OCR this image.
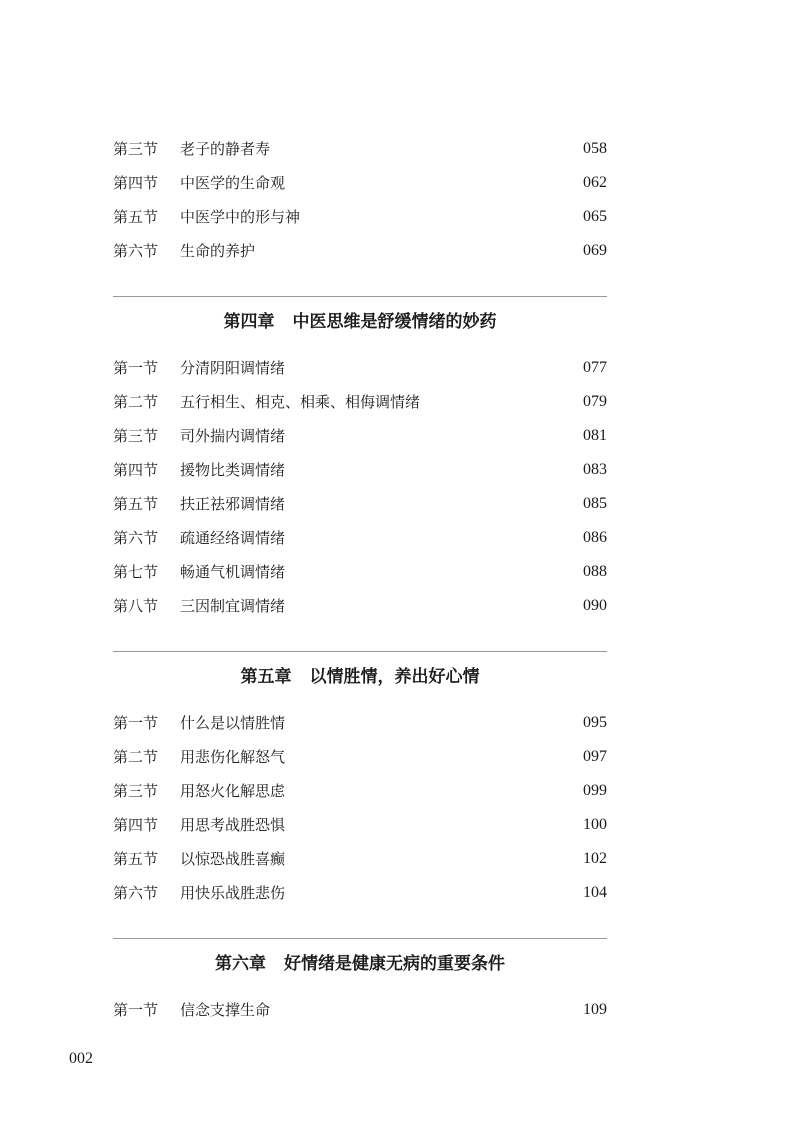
第三节	老子的静者寿	058
第四节	中医学的生命观	062
第五节	中医学中的形与神	065
第六节	生命的养护	069
第四章 中医思维是舒缓情绪的妙药
第一节	分清阴阳调情绪	077
第二节	五行相生、相克、相乘、相侮调情绪	079
第三节	司外揣内调情绪	081
第四节	援物比类调情绪	083
第五节	扶正祛邪调情绪	085
第六节	疏通经络调情绪	086
第七节	畅通气机调情绪	088
第八节	三因制宜调情绪	090
第五章 以情胜情，养出好心情
第一节	什么是以情胜情	095
第二节	用悲伤化解怒气	097
第三节	用怒火化解思虑	099
第四节	用思考战胜恐惧	100
第五节	以惊恐战胜喜癫	102
第六节	用快乐战胜悲伤	104
第六章 好情绪是健康无病的重要条件
第一节	信念支撑生命	109
002
